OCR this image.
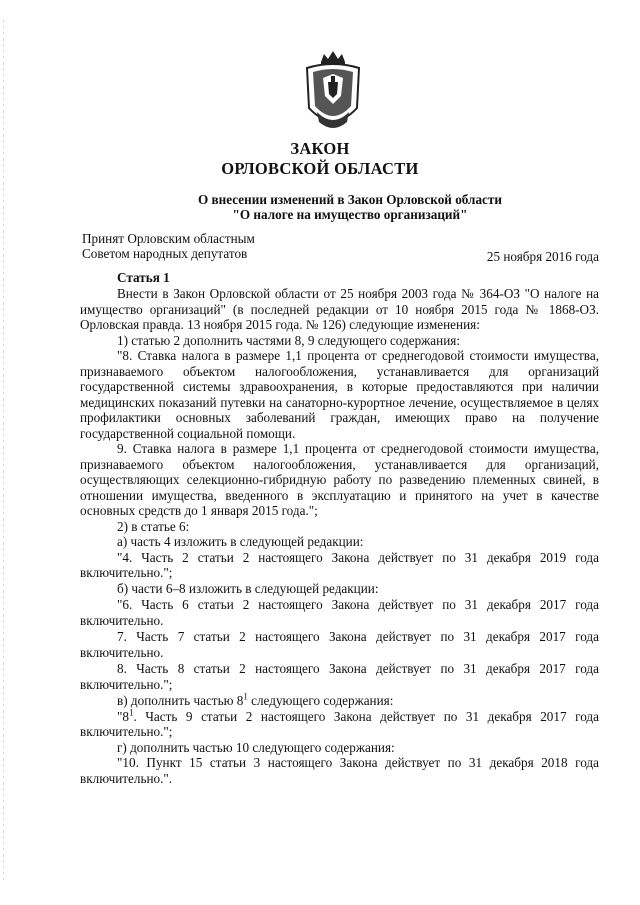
ЗАКОН
ОРЛОВСКОЙ ОБЛАСТИ
О внесении изменений в Закон Орловской области
"О налоге на имущество организаций"
Принят Орловским областным
Советом народных депутатов	25 ноября 2016 года
Статья 1

Внести в Закон Орловской области от 25 ноября 2003 года № 364-ОЗ "О налоге на имущество организаций" (в последней редакции от 10 ноября 2015 года № 1868-ОЗ. Орловская правда. 13 ноября 2015 года. № 126) следующие изменения:

1) статью 2 дополнить частями 8, 9 следующего содержания:

"8. Ставка налога в размере 1,1 процента от среднегодовой стоимости имущества, признаваемого объектом налогообложения, устанавливается для организаций государственной системы здравоохранения, в которые предоставляются при наличии медицинских показаний путевки на санаторно-курортное лечение, осуществляемое в целях профилактики основных заболеваний граждан, имеющих право на получение государственной социальной помощи.

9. Ставка налога в размере 1,1 процента от среднегодовой стоимости имущества, признаваемого объектом налогообложения, устанавливается для организаций, осуществляющих селекционно-гибридную работу по разведению племенных свиней, в отношении имущества, введенного в эксплуатацию и принятого на учет в качестве основных средств до 1 января 2015 года.";

2) в статье 6:

а) часть 4 изложить в следующей редакции:

"4. Часть 2 статьи 2 настоящего Закона действует по 31 декабря 2019 года включительно.";

б) части 6–8 изложить в следующей редакции:

"6. Часть 6 статьи 2 настоящего Закона действует по 31 декабря 2017 года включительно.

7. Часть 7 статьи 2 настоящего Закона действует по 31 декабря 2017 года включительно.

8. Часть 8 статьи 2 настоящего Закона действует по 31 декабря 2017 года включительно.";

в) дополнить частью $8^1$ следующего содержания:

"$8^1$. Часть 9 статьи 2 настоящего Закона действует по 31 декабря 2017 года включительно.";

г) дополнить частью 10 следующего содержания:

"10. Пункт 15 статьи 3 настоящего Закона действует по 31 декабря 2018 года включительно.".
